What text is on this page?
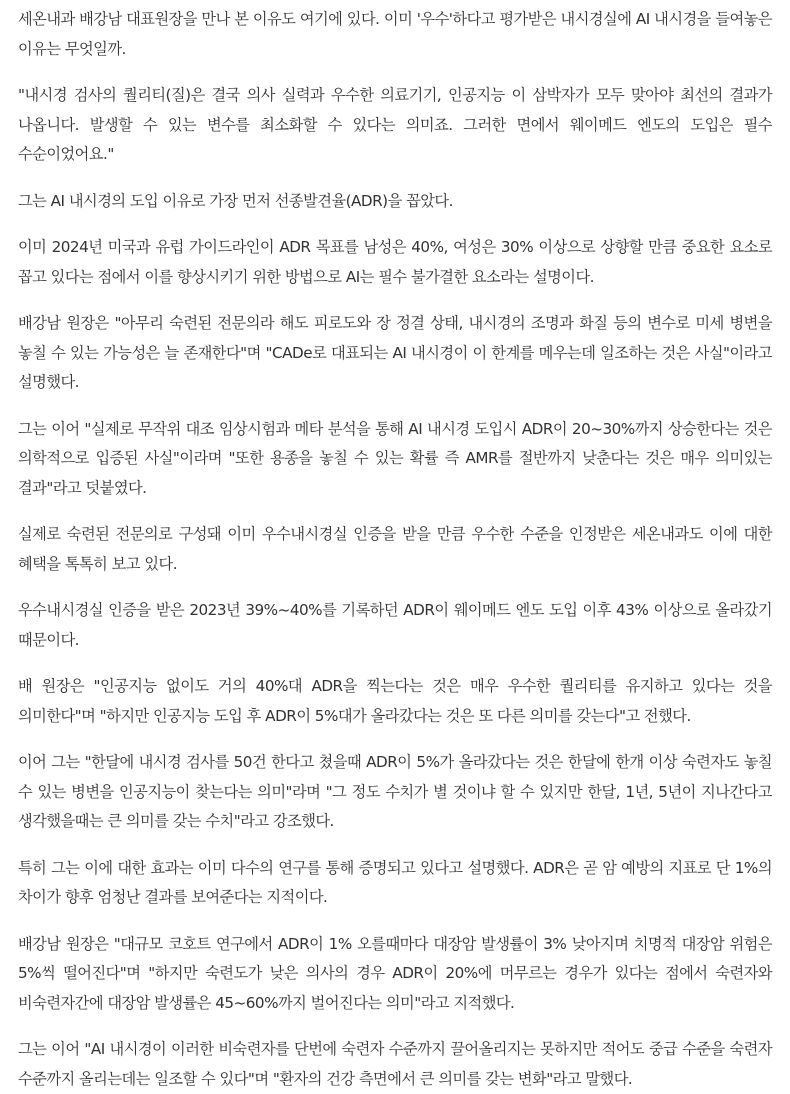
세온내과 배강남 대표원장을 만나 본 이유도 여기에 있다. 이미 '우수'하다고 평가받은 내시경실에 AI 내시경을 들여놓은 이유는 무엇일까.

"내시경 검사의 퀄리티(질)은 결국 의사 실력과 우수한 의료기기, 인공지능 이 삼박자가 모두 맞아야 최선의 결과가 나옵니다. 발생할 수 있는 변수를 최소화할 수 있다는 의미죠. 그러한 면에서 웨이메드 엔도의 도입은 필수 수순이었어요."

그는 AI 내시경의 도입 이유로 가장 먼저 선종발견율(ADR)을 꼽았다.

이미 2024년 미국과 유럽 가이드라인이 ADR 목표를 남성은 40%, 여성은 30% 이상으로 상향할 만큼 중요한 요소로 꼽고 있다는 점에서 이를 향상시키기 위한 방법으로 AI는 필수 불가결한 요소라는 설명이다.

배강남 원장은 "아무리 숙련된 전문의라 해도 피로도와 장 정결 상태, 내시경의 조명과 화질 등의 변수로 미세 병변을 놓칠 수 있는 가능성은 늘 존재한다"며 "CADe로 대표되는 AI 내시경이 이 한계를 메우는데 일조하는 것은 사실"이라고 설명했다.

그는 이어 "실제로 무작위 대조 임상시험과 메타 분석을 통해 AI 내시경 도입시 ADR이 20~30%까지 상승한다는 것은 의학적으로 입증된 사실"이라며 "또한 용종을 놓칠 수 있는 확률 즉 AMR를 절반까지 낮춘다는 것은 매우 의미있는 결과"라고 덧붙였다.

실제로 숙련된 전문의로 구성돼 이미 우수내시경실 인증을 받을 만큼 우수한 수준을 인정받은 세온내과도 이에 대한 혜택을 톡톡히 보고 있다.

우수내시경실 인증을 받은 2023년 39%~40%를 기록하던 ADR이 웨이메드 엔도 도입 이후 43% 이상으로 올라갔기 때문이다.

배 원장은 "인공지능 없이도 거의 40%대 ADR을 찍는다는 것은 매우 우수한 퀄리티를 유지하고 있다는 것을 의미한다"며 "하지만 인공지능 도입 후 ADR이 5%대가 올라갔다는 것은 또 다른 의미를 갖는다"고 전했다.

이어 그는 "한달에 내시경 검사를 50건 한다고 쳤을때 ADR이 5%가 올라갔다는 것은 한달에 한개 이상 숙련자도 놓칠 수 있는 병변을 인공지능이 찾는다는 의미"라며 "그 정도 수치가 별 것이냐 할 수 있지만 한달, 1년, 5년이 지나간다고 생각했을때는 큰 의미를 갖는 수치"라고 강조했다.

특히 그는 이에 대한 효과는 이미 다수의 연구를 통해 증명되고 있다고 설명했다. ADR은 곧 암 예방의 지표로 단 1%의 차이가 향후 엄청난 결과를 보여준다는 지적이다.

배강남 원장은 "대규모 코호트 연구에서 ADR이 1% 오를때마다 대장암 발생률이 3% 낮아지며 치명적 대장암 위험은 5%씩 떨어진다"며 "하지만 숙련도가 낮은 의사의 경우 ADR이 20%에 머무르는 경우가 있다는 점에서 숙련자와 비숙련자간에 대장암 발생률은 45~60%까지 벌어진다는 의미"라고 지적했다.

그는 이어 "AI 내시경이 이러한 비숙련자를 단번에 숙련자 수준까지 끌어올리지는 못하지만 적어도 중급 수준을 숙련자 수준까지 올리는데는 일조할 수 있다"며 "환자의 건강 측면에서 큰 의미를 갖는 변화"라고 말했다.
